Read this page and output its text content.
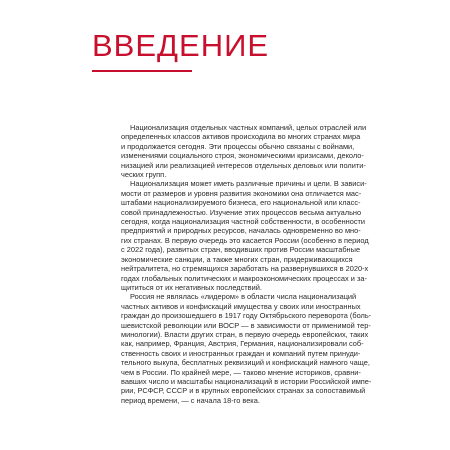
ВВЕДЕНИЕ

Национализация отдельных частных компаний, целых отраслей или
определенных классов активов происходила во многих странах мира
и продолжается сегодня. Эти процессы обычно связаны с войнами,
изменениями социального строя, экономическими кризисами, деколо-
низацией или реализацией интересов отдельных деловых или полити-
ческих групп.

Национализация может иметь различные причины и цели. В зависи-
мости от размеров и уровня развития экономики она отличается мас-
штабами национализируемого бизнеса, его национальной или класс-
совой принадлежностью. Изучение этих процессов весьма актуально
сегодня, когда национализация частной собственности, в особенности
предприятий и природных ресурсов, началась одновременно во мно-
гих странах. В первую очередь это касается России (особенно в период
с 2022 года), развитых стран, вводивших против России масштабные
экономические санкции, а также многих стран, придерживающихся
нейтралитета, но стремящихся заработать на развернувшихся в 2020-х
годах глобальных политических и макроэкономических процессах и за-
щититься от их негативных последствий.

Россия не являлась «лидером» в области числа национализаций
частных активов и конфискаций имущества у своих или иностранных
граждан до произошедшего в 1917 году Октябрьского переворота (боль-
шевистской революции или ВОСР — в зависимости от применимой тер-
минологии). Власти других стран, в первую очередь европейских, таких
как, например, Франция, Австрия, Германия, национализировали соб-
ственность своих и иностранных граждан и компаний путем принуди-
тельного выкупа, бесплатных реквизиций и конфискаций намного чаще,
чем в России. По крайней мере, — таково мнение историков, сравни-
вавших число и масштабы национализаций в истории Российской импе-
рии, РСФСР, СССР и в крупных европейских странах за сопоставимый
период времени, — с начала 18-го века.
